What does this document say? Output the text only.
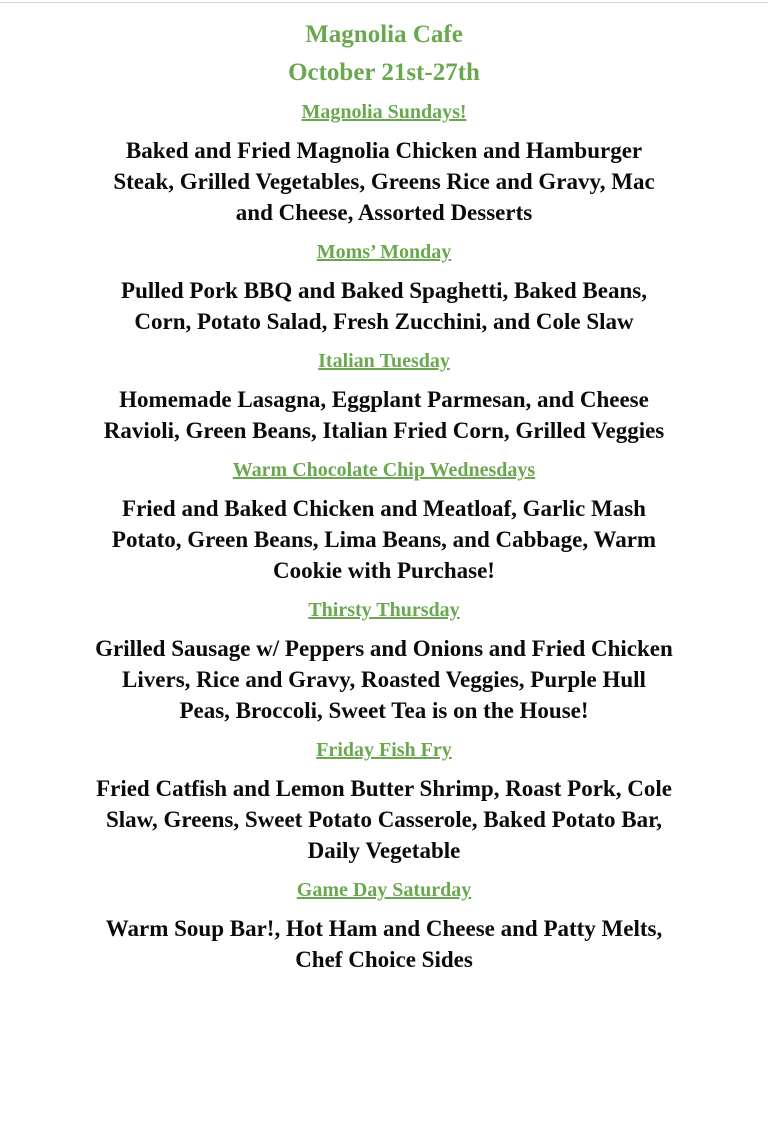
Magnolia Cafe
October 21st-27th
Magnolia Sundays!

Baked and Fried Magnolia Chicken and Hamburger Steak, Grilled Vegetables, Greens Rice and Gravy, Mac and Cheese, Assorted Desserts

Moms’ Monday

Pulled Pork BBQ and Baked Spaghetti, Baked Beans, Corn, Potato Salad, Fresh Zucchini, and Cole Slaw

Italian Tuesday

Homemade Lasagna, Eggplant Parmesan, and Cheese Ravioli, Green Beans, Italian Fried Corn, Grilled Veggies

Warm Chocolate Chip Wednesdays

Fried and Baked Chicken and Meatloaf, Garlic Mash Potato, Green Beans, Lima Beans, and Cabbage, Warm Cookie with Purchase!

Thirsty Thursday

Grilled Sausage w/ Peppers and Onions and Fried Chicken Livers, Rice and Gravy, Roasted Veggies, Purple Hull Peas, Broccoli, Sweet Tea is on the House!

Friday Fish Fry

Fried Catfish and Lemon Butter Shrimp, Roast Pork, Cole Slaw, Greens, Sweet Potato Casserole, Baked Potato Bar, Daily Vegetable

Game Day Saturday

Warm Soup Bar!, Hot Ham and Cheese and Patty Melts, Chef Choice Sides
